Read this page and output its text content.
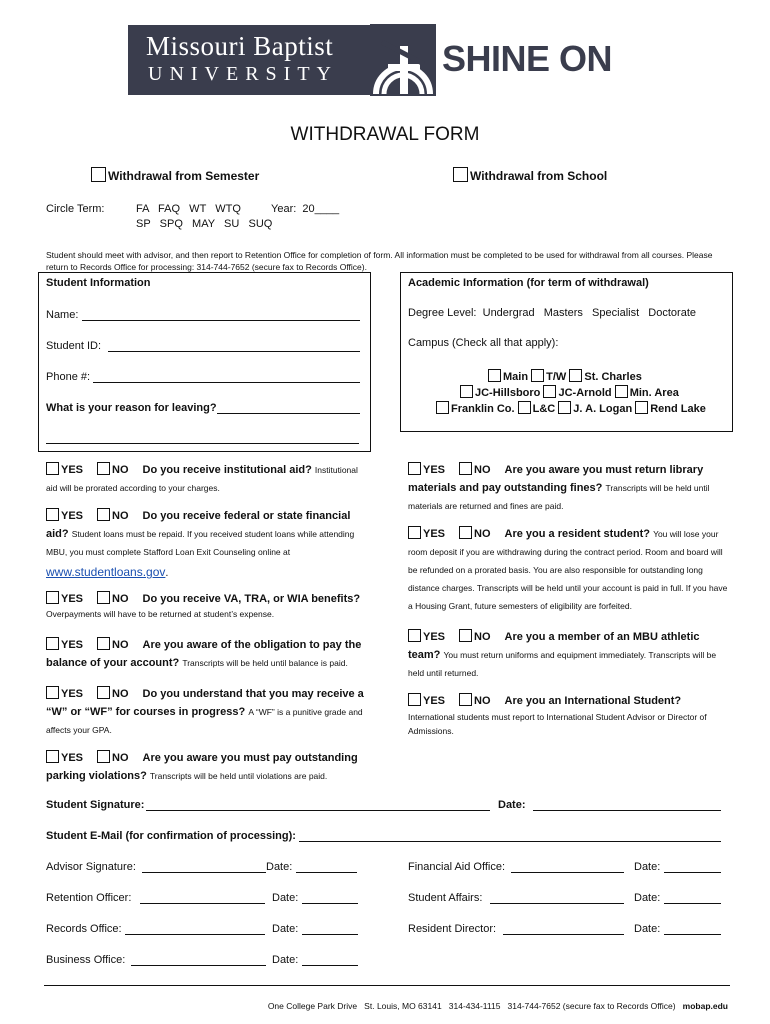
Missouri Baptist
UNIVERSITY	SHINE ON
WITHDRAWAL FORM
Withdrawal from Semester	Withdrawal from School
Circle Term:	FA   FAQ   WT   WTQ
SP   SPQ   MAY   SU   SUQ
Year:  20____
Student should meet with advisor, and then report to Retention Office for completion of form. All information must be completed to be used for withdrawal from all courses. Please return to Records Office for processing: 314-744-7652 (secure fax to Records Office).
Student Information
Name:
Student ID:
Phone #:
What is your reason for leaving?
Academic Information (for term of withdrawal)
Degree Level: Undergrad   Masters   Specialist   Doctorate
Campus (Check all that apply):
Main T/W St. Charles
JC-Hillsboro JC-Arnold Min. Area
Franklin Co. L&C J. A. Logan Rend Lake
YES	NO Do you receive institutional aid? Institutional aid will be prorated according to your charges.
YES	NO Do you receive federal or state financial aid? Student loans must be repaid. If you received student loans while attending MBU, you must complete Stafford Loan Exit Counseling online at
www.studentloans.gov.
YES	NO Do you receive VA, TRA, or WIA benefits?
Overpayments will have to be returned at student’s expense.
YES	NO Are you aware of the obligation to pay the balance of your account? Transcripts will be held until balance is paid.
YES	NO Do you understand that you may receive a “W” or “WF” for courses in progress? A “WF” is a punitive grade and affects your GPA.
YES	NO Are you aware you must pay outstanding parking violations? Transcripts will be held until violations are paid.
YES	NO Are you aware you must return library materials and pay outstanding fines? Transcripts will be held until materials are returned and fines are paid.
YES	NO Are you a resident student? You will lose your room deposit if you are withdrawing during the contract period. Room and board will be refunded on a prorated basis. You are also responsible for outstanding long distance charges. Transcripts will be held until your account is paid in full. If you have a Housing Grant, future semesters of eligibility are forfeited.
YES	NO Are you a member of an MBU athletic team? You must return uniforms and equipment immediately. Transcripts will be held until returned.
YES	NO Are you an International Student?
International students must report to International Student Advisor or Director of Admissions.
Student Signature:	Date:
Student E-Mail (for confirmation of processing):
Advisor Signature:	Date:	Financial Aid Office:	Date:
Retention Officer:	Date:	Student Affairs:	Date:
Records Office:	Date:	Resident Director:	Date:
Business Office:	Date:

One College Park Drive   St. Louis, MO 63141   314-434-1115   314-744-7652 (secure fax to Records Office) mobap.edu
